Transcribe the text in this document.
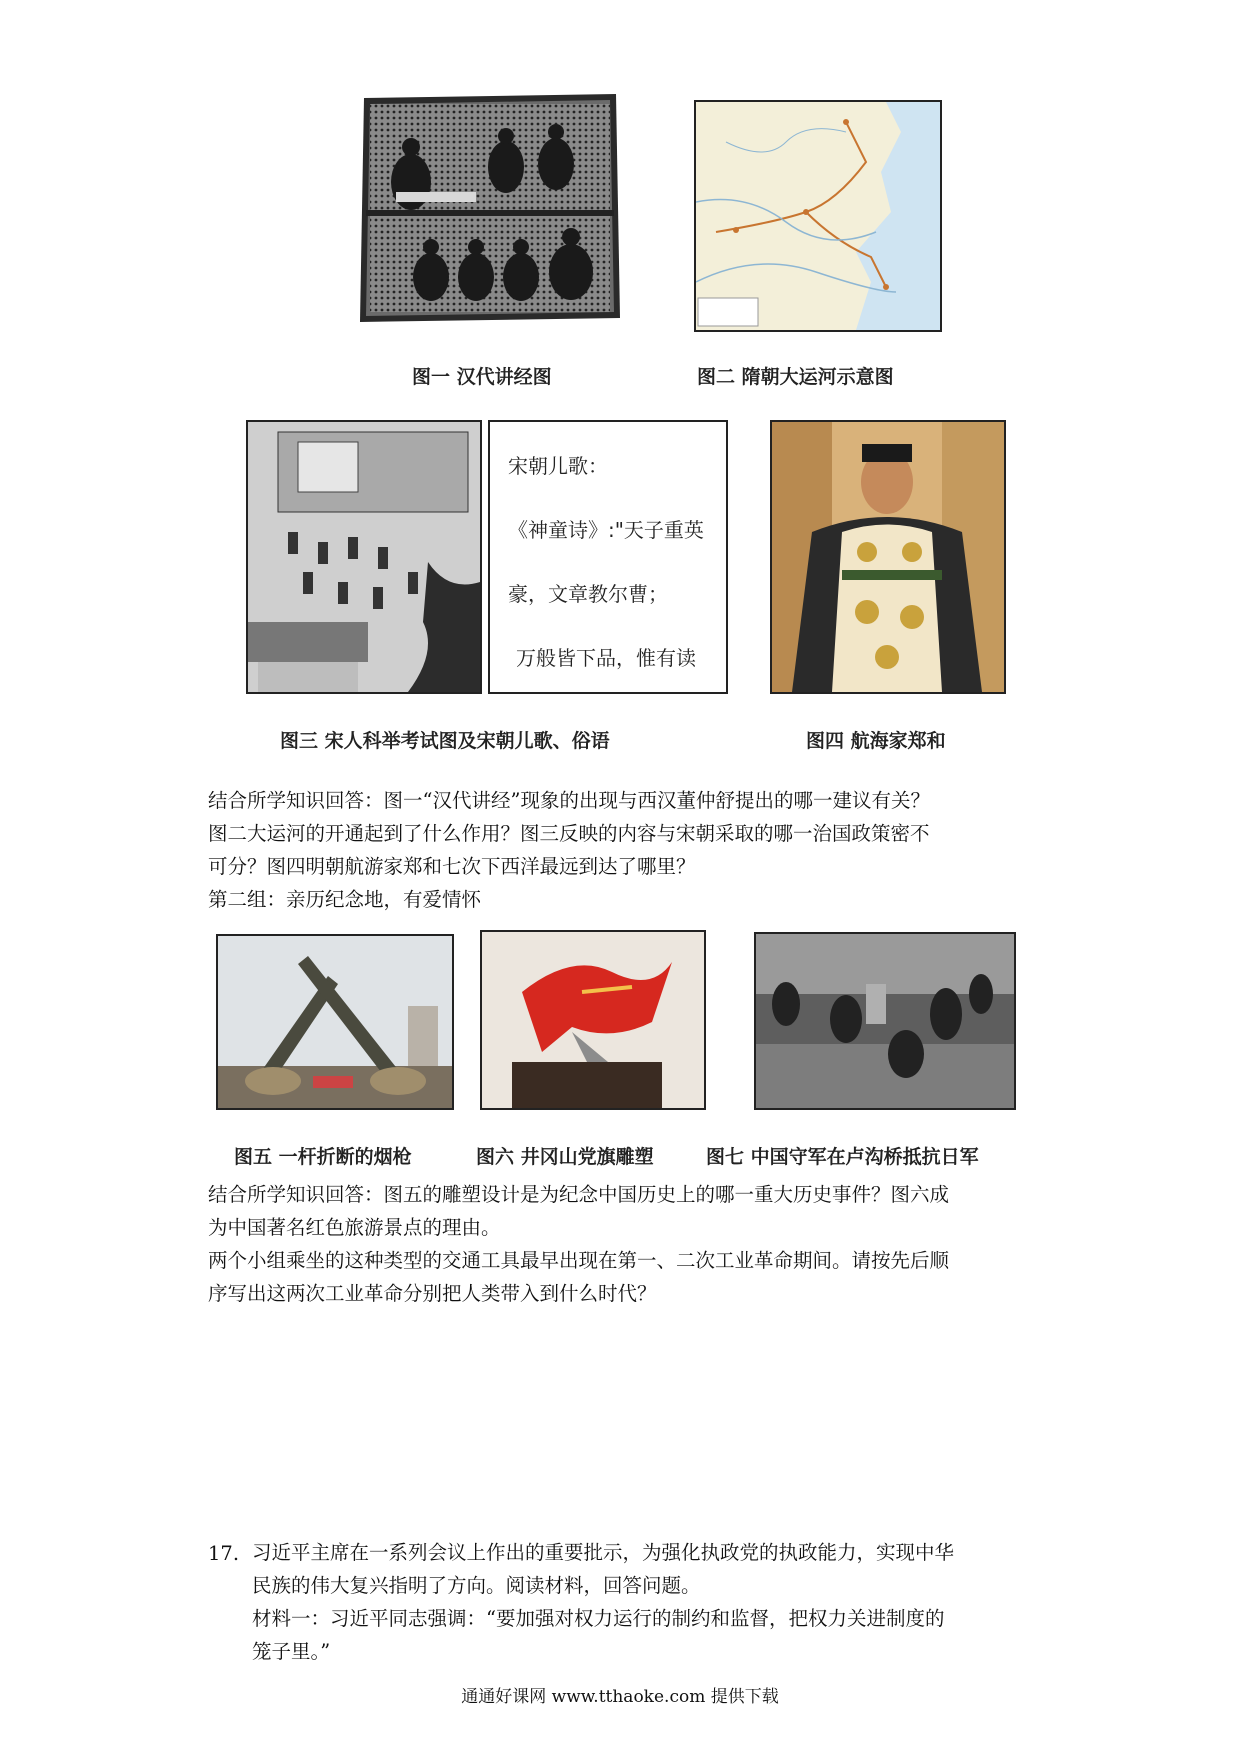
图一 汉代讲经图	图二 隋朝大运河示意图
宋朝儿歌：
《神童诗》:"天子重英
豪，文章教尔曹；
万般皆下品，惟有读
图三 宋人科举考试图及宋朝儿歌、俗语	图四 航海家郑和

结合所学知识回答：图一“汉代讲经”现象的出现与西汉董仲舒提出的哪一建议有关？

图二大运河的开通起到了什么作用？图三反映的内容与宋朝采取的哪一治国政策密不

可分？图四明朝航游家郑和七次下西洋最远到达了哪里？

第二组：亲历纪念地，有爱情怀

图五 一杆折断的烟枪	图六 井冈山党旗雕塑	图七 中国守军在卢沟桥抵抗日军

结合所学知识回答：图五的雕塑设计是为纪念中国历史上的哪一重大历史事件？图六成

为中国著名红色旅游景点的理由。

两个小组乘坐的这种类型的交通工具最早出现在第一、二次工业革命期间。请按先后顺

序写出这两次工业革命分别把人类带入到什么时代？

17. 习近平主席在一系列会议上作出的重要批示，为强化执政党的执政能力，实现中华

民族的伟大复兴指明了方向。阅读材料，回答问题。

材料一：习近平同志强调：“要加强对权力运行的制约和监督，把权力关进制度的

笼子里。”

通通好课网 www.tthaoke.com 提供下载
